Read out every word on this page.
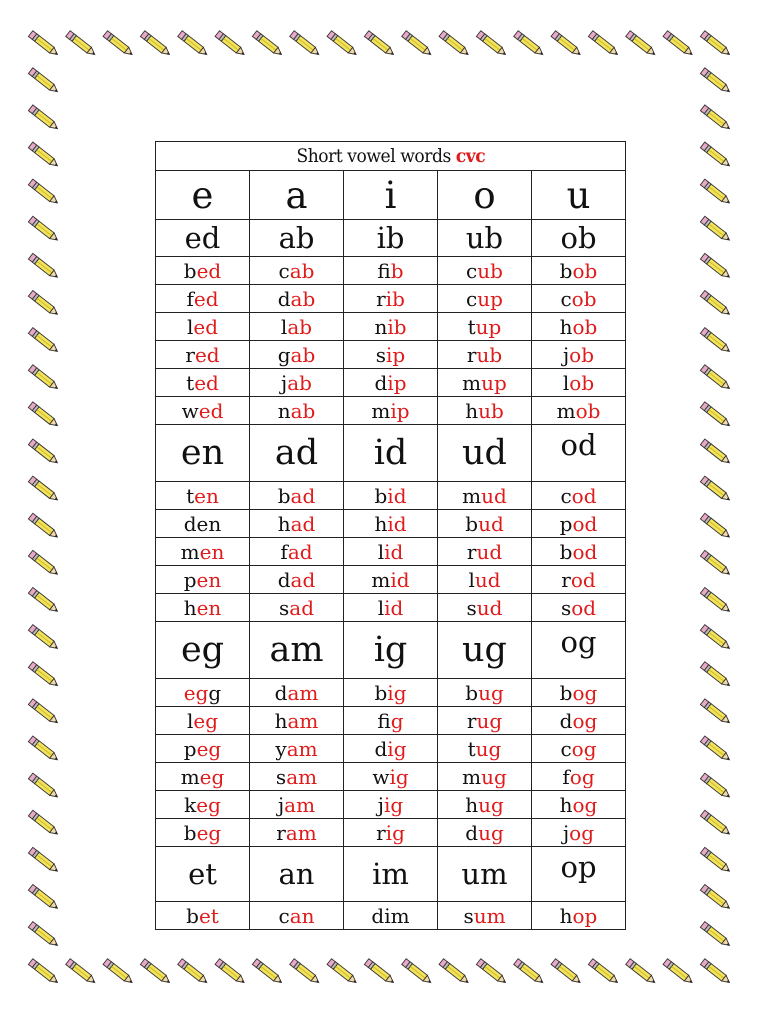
Short vowel words cvc				
e	a	i	o	u
ed	ab	ib	ub	ob
bed	cab	fib	cub	bob
fed	dab	rib	cup	cob
led	lab	nib	tup	hob
red	gab	sip	rub	job
ted	jab	dip	mup	lob
wed	nab	mip	hub	mob
en	ad	id	ud	od
ten	bad	bid	mud	cod
den	had	hid	bud	pod
men	fad	lid	rud	bod
pen	dad	mid	lud	rod
hen	sad	lid	sud	sod
eg	am	ig	ug	og
egg	dam	big	bug	bog
leg	ham	fig	rug	dog
peg	yam	dig	tug	cog
meg	sam	wig	mug	fog
keg	jam	jig	hug	hog
beg	ram	rig	dug	jog
et	an	im	um	op
bet	can	dim	sum	hop
